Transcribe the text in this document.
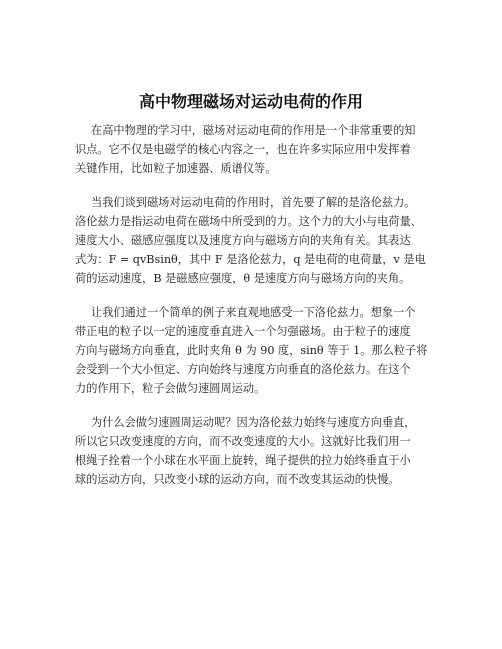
高中物理磁场对运动电荷的作用
在高中物理的学习中，磁场对运动电荷的作用是一个非常重要的知
识点。它不仅是电磁学的核心内容之一，也在许多实际应用中发挥着
关键作用，比如粒子加速器、质谱仪等。
当我们谈到磁场对运动电荷的作用时，首先要了解的是洛伦兹力。
洛伦兹力是指运动电荷在磁场中所受到的力。这个力的大小与电荷量、
速度大小、磁感应强度以及速度方向与磁场方向的夹角有关。其表达
式为：F = qvBsinθ，其中 F 是洛伦兹力，q 是电荷的电荷量，v 是电
荷的运动速度，B 是磁感应强度，θ 是速度方向与磁场方向的夹角。
让我们通过一个简单的例子来直观地感受一下洛伦兹力。想象一个
带正电的粒子以一定的速度垂直进入一个匀强磁场。由于粒子的速度
方向与磁场方向垂直，此时夹角 θ 为 90 度，sinθ 等于 1。那么粒子将
会受到一个大小恒定、方向始终与速度方向垂直的洛伦兹力。在这个
力的作用下，粒子会做匀速圆周运动。
为什么会做匀速圆周运动呢？因为洛伦兹力始终与速度方向垂直，
所以它只改变速度的方向，而不改变速度的大小。这就好比我们用一
根绳子拴着一个小球在水平面上旋转，绳子提供的拉力始终垂直于小
球的运动方向，只改变小球的运动方向，而不改变其运动的快慢。
